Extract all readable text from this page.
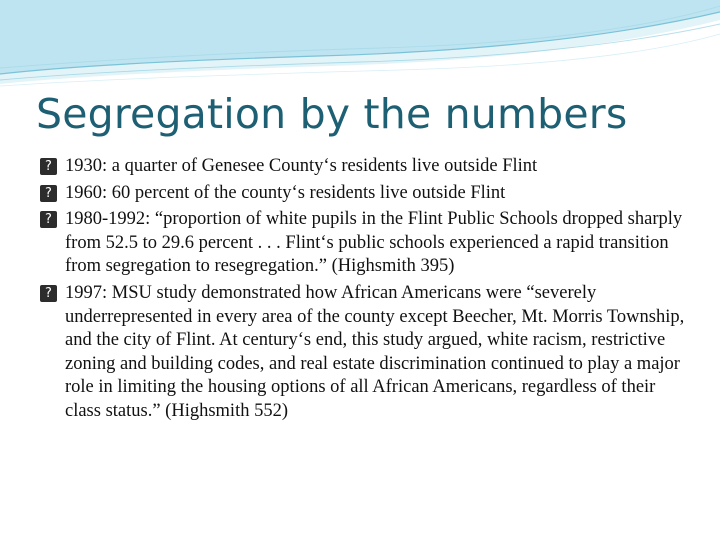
Segregation by the numbers
? 1930: a quarter of Genesee County‘s residents live outside Flint
? 1960: 60 percent of the county‘s residents live outside Flint
? 1980-1992: “proportion of white pupils in the Flint Public Schools dropped sharply from 52.5 to 29.6 percent . . . Flint‘s public schools experienced a rapid transition from segregation to resegregation.” (Highsmith 395)
? 1997: MSU study demonstrated how African Americans were “severely underrepresented in every area of the county except Beecher, Mt. Morris Township, and the city of Flint. At century‘s end, this study argued, white racism, restrictive zoning and building codes, and real estate discrimination continued to play a major role in limiting the housing options of all African Americans, regardless of their class status.” (Highsmith 552)
